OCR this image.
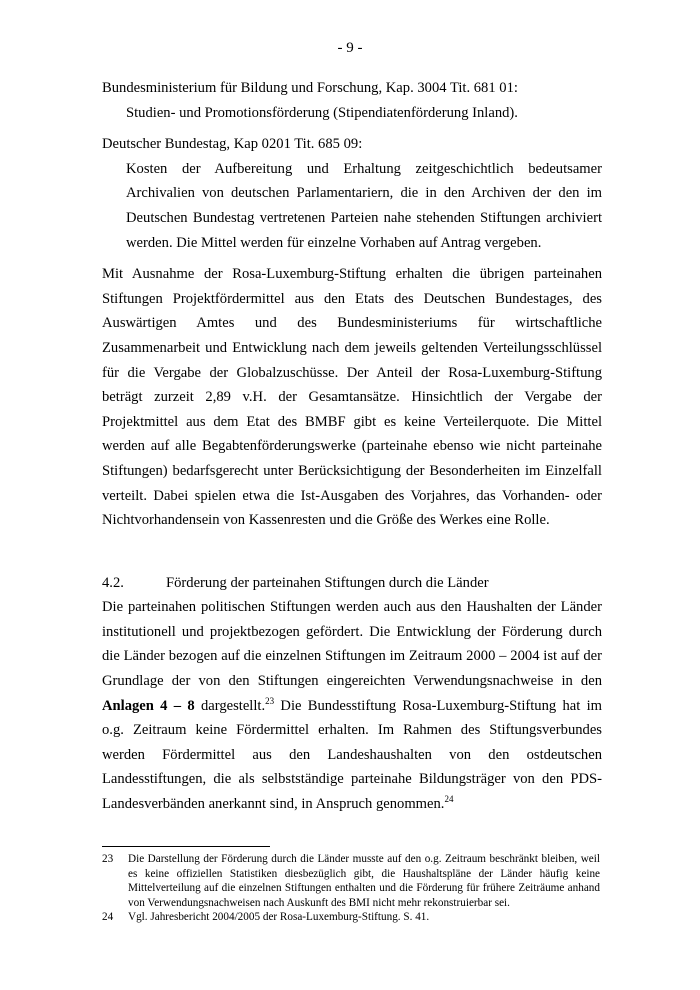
- 9 -

Bundesministerium für Bildung und Forschung, Kap. 3004 Tit. 681 01:

Studien- und Promotionsförderung (Stipendiatenförderung Inland).

Deutscher Bundestag, Kap 0201 Tit. 685 09:

Kosten der Aufbereitung und Erhaltung zeitgeschichtlich bedeutsamer Archivalien von deutschen Parlamentariern, die in den Archiven der den im Deutschen Bundestag vertretenen Parteien nahe stehenden Stiftungen archiviert werden. Die Mittel werden für einzelne Vorhaben auf Antrag vergeben.

Mit Ausnahme der Rosa-Luxemburg-Stiftung erhalten die übrigen parteinahen Stiftungen Projektfördermittel aus den Etats des Deutschen Bundestages, des Auswärtigen Amtes und des Bundesministeriums für wirtschaftliche Zusammenarbeit und Entwicklung nach dem jeweils geltenden Verteilungsschlüssel für die Vergabe der Globalzuschüsse. Der Anteil der Rosa-Luxemburg-Stiftung beträgt zurzeit 2,89 v.H. der Gesamtansätze. Hinsichtlich der Vergabe der Projektmittel aus dem Etat des BMBF gibt es keine Verteilerquote. Die Mittel werden auf alle Begabtenförderungswerke (parteinahe ebenso wie nicht parteinahe Stiftungen) bedarfsgerecht unter Berücksichtigung der Besonderheiten im Einzelfall verteilt. Dabei spielen etwa die Ist-Ausgaben des Vorjahres, das Vorhanden- oder Nichtvorhandensein von Kassenresten und die Größe des Werkes eine Rolle.

4.2.	Förderung der parteinahen Stiftungen durch die Länder

Die parteinahen politischen Stiftungen werden auch aus den Haushalten der Länder institutionell und projektbezogen gefördert. Die Entwicklung der Förderung durch die Länder bezogen auf die einzelnen Stiftungen im Zeitraum 2000 – 2004 ist auf der Grundlage der von den Stiftungen eingereichten Verwendungsnachweise in den Anlagen 4 – 8 dargestellt.$^{23}$ Die Bundesstiftung Rosa-Luxemburg-Stiftung hat im o.g. Zeitraum keine Fördermittel erhalten. Im Rahmen des Stiftungsverbundes werden Fördermittel aus den Landeshaushalten von den ostdeutschen Landesstiftungen, die als selbstständige parteinahe Bildungsträger von den PDS-Landesverbänden anerkannt sind, in Anspruch genommen.$^{24}$

23	Die Darstellung der Förderung durch die Länder musste auf den o.g. Zeitraum beschränkt bleiben, weil es keine offiziellen Statistiken diesbezüglich gibt, die Haushaltspläne der Länder häufig keine Mittelverteilung auf die einzelnen Stiftungen enthalten und die Förderung für frühere Zeiträume anhand von Verwendungsnachweisen nach Auskunft des BMI nicht mehr rekonstruierbar sei.
24	Vgl. Jahresbericht 2004/2005 der Rosa-Luxemburg-Stiftung. S. 41.
